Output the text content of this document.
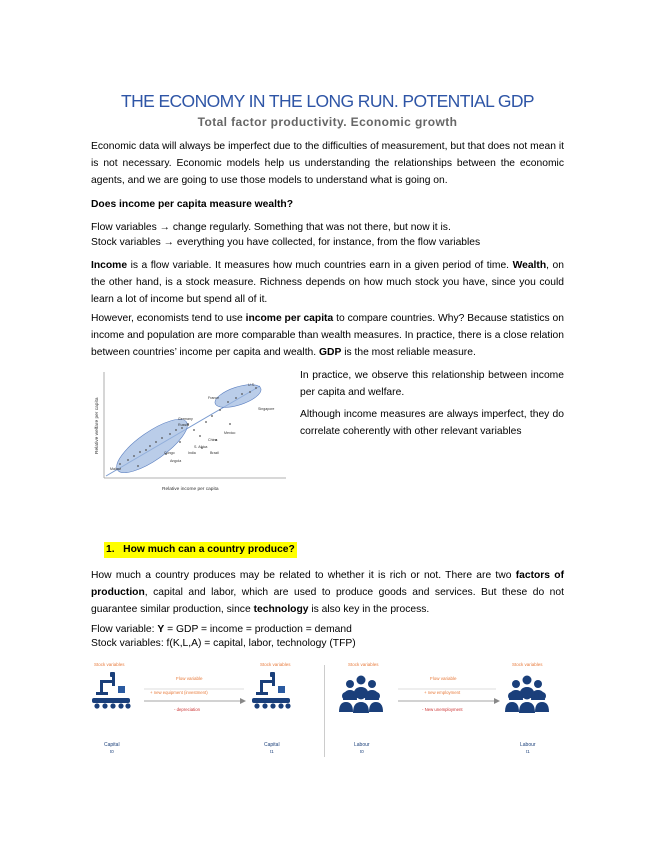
THE ECONOMY IN THE LONG RUN. POTENTIAL GDP
Total factor productivity. Economic growth
Economic data will always be imperfect due to the difficulties of measurement, but that does not mean it is not necessary. Economic models help us understanding the relationships between the economic agents, and we are going to use those models to understand what is going on.
Does income per capita measure wealth?
Flow variables → change regularly. Something that was not there, but now it is.
Stock variables → everything you have collected, for instance, from the flow variables
Income is a flow variable. It measures how much countries earn in a given period of time. Wealth, on the other hand, is a stock measure. Richness depends on how much stock you have, since you could learn a lot of income but spend all of it.
However, economists tend to use income per capita to compare countries. Why? Because statistics on income and population are more comparable than wealth measures. In practice, there is a close relation between countries’ income per capita and wealth. GDP is the most reliable measure.
U.S.
France
Singapore
Germany
Russia
Mexico
China
S. Africa
Brazil
India
Angola
Congo
Malawi
Relative income per capita
Relative welfare per capita
In practice, we observe this relationship between income per capita and welfare.
Although income measures are always imperfect, they do correlate coherently with other relevant variables
1.   How much can a country produce?
How much a country produces may be related to whether it is rich or not. There are two factors of production, capital and labor, which are used to produce goods and services. But these do not guarantee similar production, since technology is also key in the process.
Flow variable: Y = GDP = income = production = demand
Stock variables: f(K,L,A) = capital, labor, technology (TFP)
Stock variables
Flow variable
Stock variables
+ new equipment (investment)
- depreciation
Capital
t0
Capital
t1
Stock variables
Flow variable
Stock variables
+ new employment
- New unemployment
Labour
t0
Labour
t1
